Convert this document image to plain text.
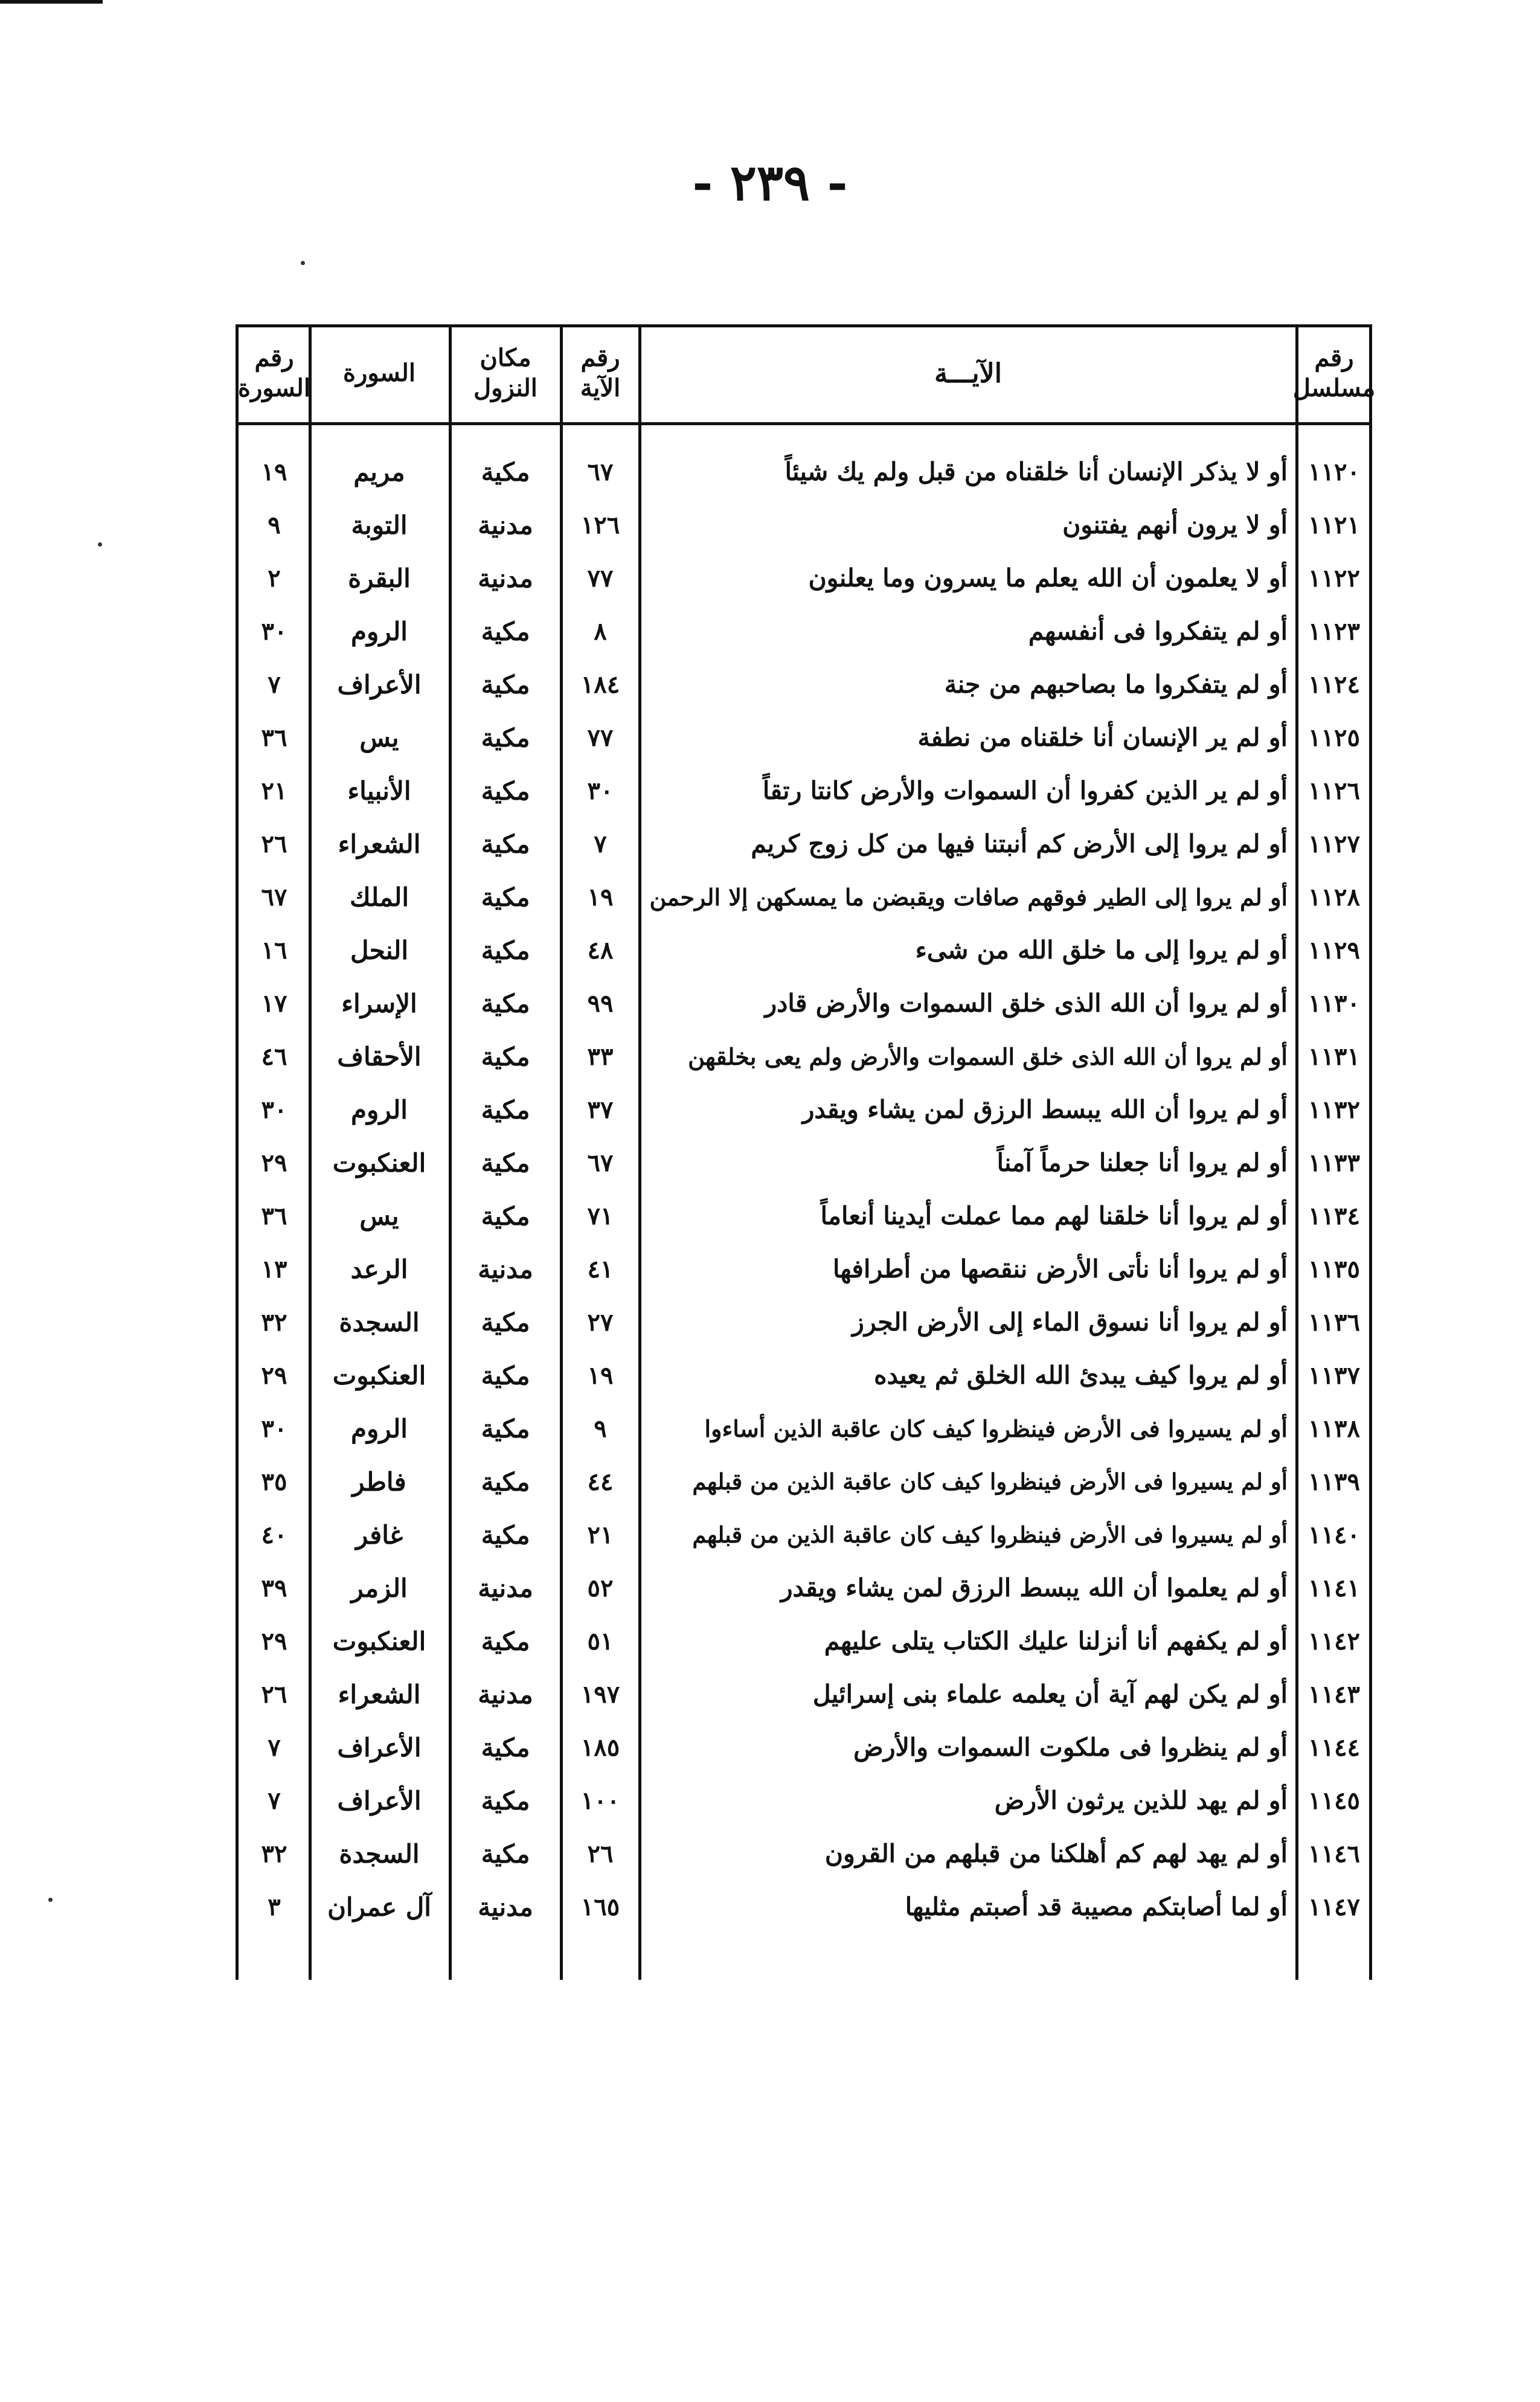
- ٢٣٩ -
رقم
مسلسل
الآيـــة
رقم
الآية
مكان
النزول
السورة
رقم
السورة
١١٢٠
أو لا يذكر الإنسان أنا خلقناه من قبل ولم يك شيئاً
٦٧
مكية
مريم
١٩
١١٢١
أو لا يرون أنهم يفتنون
١٢٦
مدنية
التوبة
٩
١١٢٢
أو لا يعلمون أن الله يعلم ما يسرون وما يعلنون
٧٧
مدنية
البقرة
٢
١١٢٣
أو لم يتفكروا فى أنفسهم
٨
مكية
الروم
٣٠
١١٢٤
أو لم يتفكروا ما بصاحبهم من جنة
١٨٤
مكية
الأعراف
٧
١١٢٥
أو لم ير الإنسان أنا خلقناه من نطفة
٧٧
مكية
يس
٣٦
١١٢٦
أو لم ير الذين كفروا أن السموات والأرض كانتا رتقاً
٣٠
مكية
الأنبياء
٢١
١١٢٧
أو لم يروا إلى الأرض كم أنبتنا فيها من كل زوج كريم
٧
مكية
الشعراء
٢٦
١١٢٨
أو لم يروا إلى الطير فوقهم صافات ويقبضن ما يمسكهن إلا الرحمن
١٩
مكية
الملك
٦٧
١١٢٩
أو لم يروا إلى ما خلق الله من شىء
٤٨
مكية
النحل
١٦
١١٣٠
أو لم يروا أن الله الذى خلق السموات والأرض قادر
٩٩
مكية
الإسراء
١٧
١١٣١
أو لم يروا أن الله الذى خلق السموات والأرض ولم يعى بخلقهن
٣٣
مكية
الأحقاف
٤٦
١١٣٢
أو لم يروا أن الله يبسط الرزق لمن يشاء ويقدر
٣٧
مكية
الروم
٣٠
١١٣٣
أو لم يروا أنا جعلنا حرماً آمناً
٦٧
مكية
العنكبوت
٢٩
١١٣٤
أو لم يروا أنا خلقنا لهم مما عملت أيدينا أنعاماً
٧١
مكية
يس
٣٦
١١٣٥
أو لم يروا أنا نأتى الأرض ننقصها من أطرافها
٤١
مدنية
الرعد
١٣
١١٣٦
أو لم يروا أنا نسوق الماء إلى الأرض الجرز
٢٧
مكية
السجدة
٣٢
١١٣٧
أو لم يروا كيف يبدئ الله الخلق ثم يعيده
١٩
مكية
العنكبوت
٢٩
١١٣٨
أو لم يسيروا فى الأرض فينظروا كيف كان عاقبة الذين أساءوا
٩
مكية
الروم
٣٠
١١٣٩
أو لم يسيروا فى الأرض فينظروا كيف كان عاقبة الذين من قبلهم
٤٤
مكية
فاطر
٣٥
١١٤٠
أو لم يسيروا فى الأرض فينظروا كيف كان عاقبة الذين من قبلهم
٢١
مكية
غافر
٤٠
١١٤١
أو لم يعلموا أن الله يبسط الرزق لمن يشاء ويقدر
٥٢
مدنية
الزمر
٣٩
١١٤٢
أو لم يكفهم أنا أنزلنا عليك الكتاب يتلى عليهم
٥١
مكية
العنكبوت
٢٩
١١٤٣
أو لم يكن لهم آية أن يعلمه علماء بنى إسرائيل
١٩٧
مدنية
الشعراء
٢٦
١١٤٤
أو لم ينظروا فى ملكوت السموات والأرض
١٨٥
مكية
الأعراف
٧
١١٤٥
أو لم يهد للذين يرثون الأرض
١٠٠
مكية
الأعراف
٧
١١٤٦
أو لم يهد لهم كم أهلكنا من قبلهم من القرون
٢٦
مكية
السجدة
٣٢
١١٤٧
أو لما أصابتكم مصيبة قد أصبتم مثليها
١٦٥
مدنية
آل عمران
٣
